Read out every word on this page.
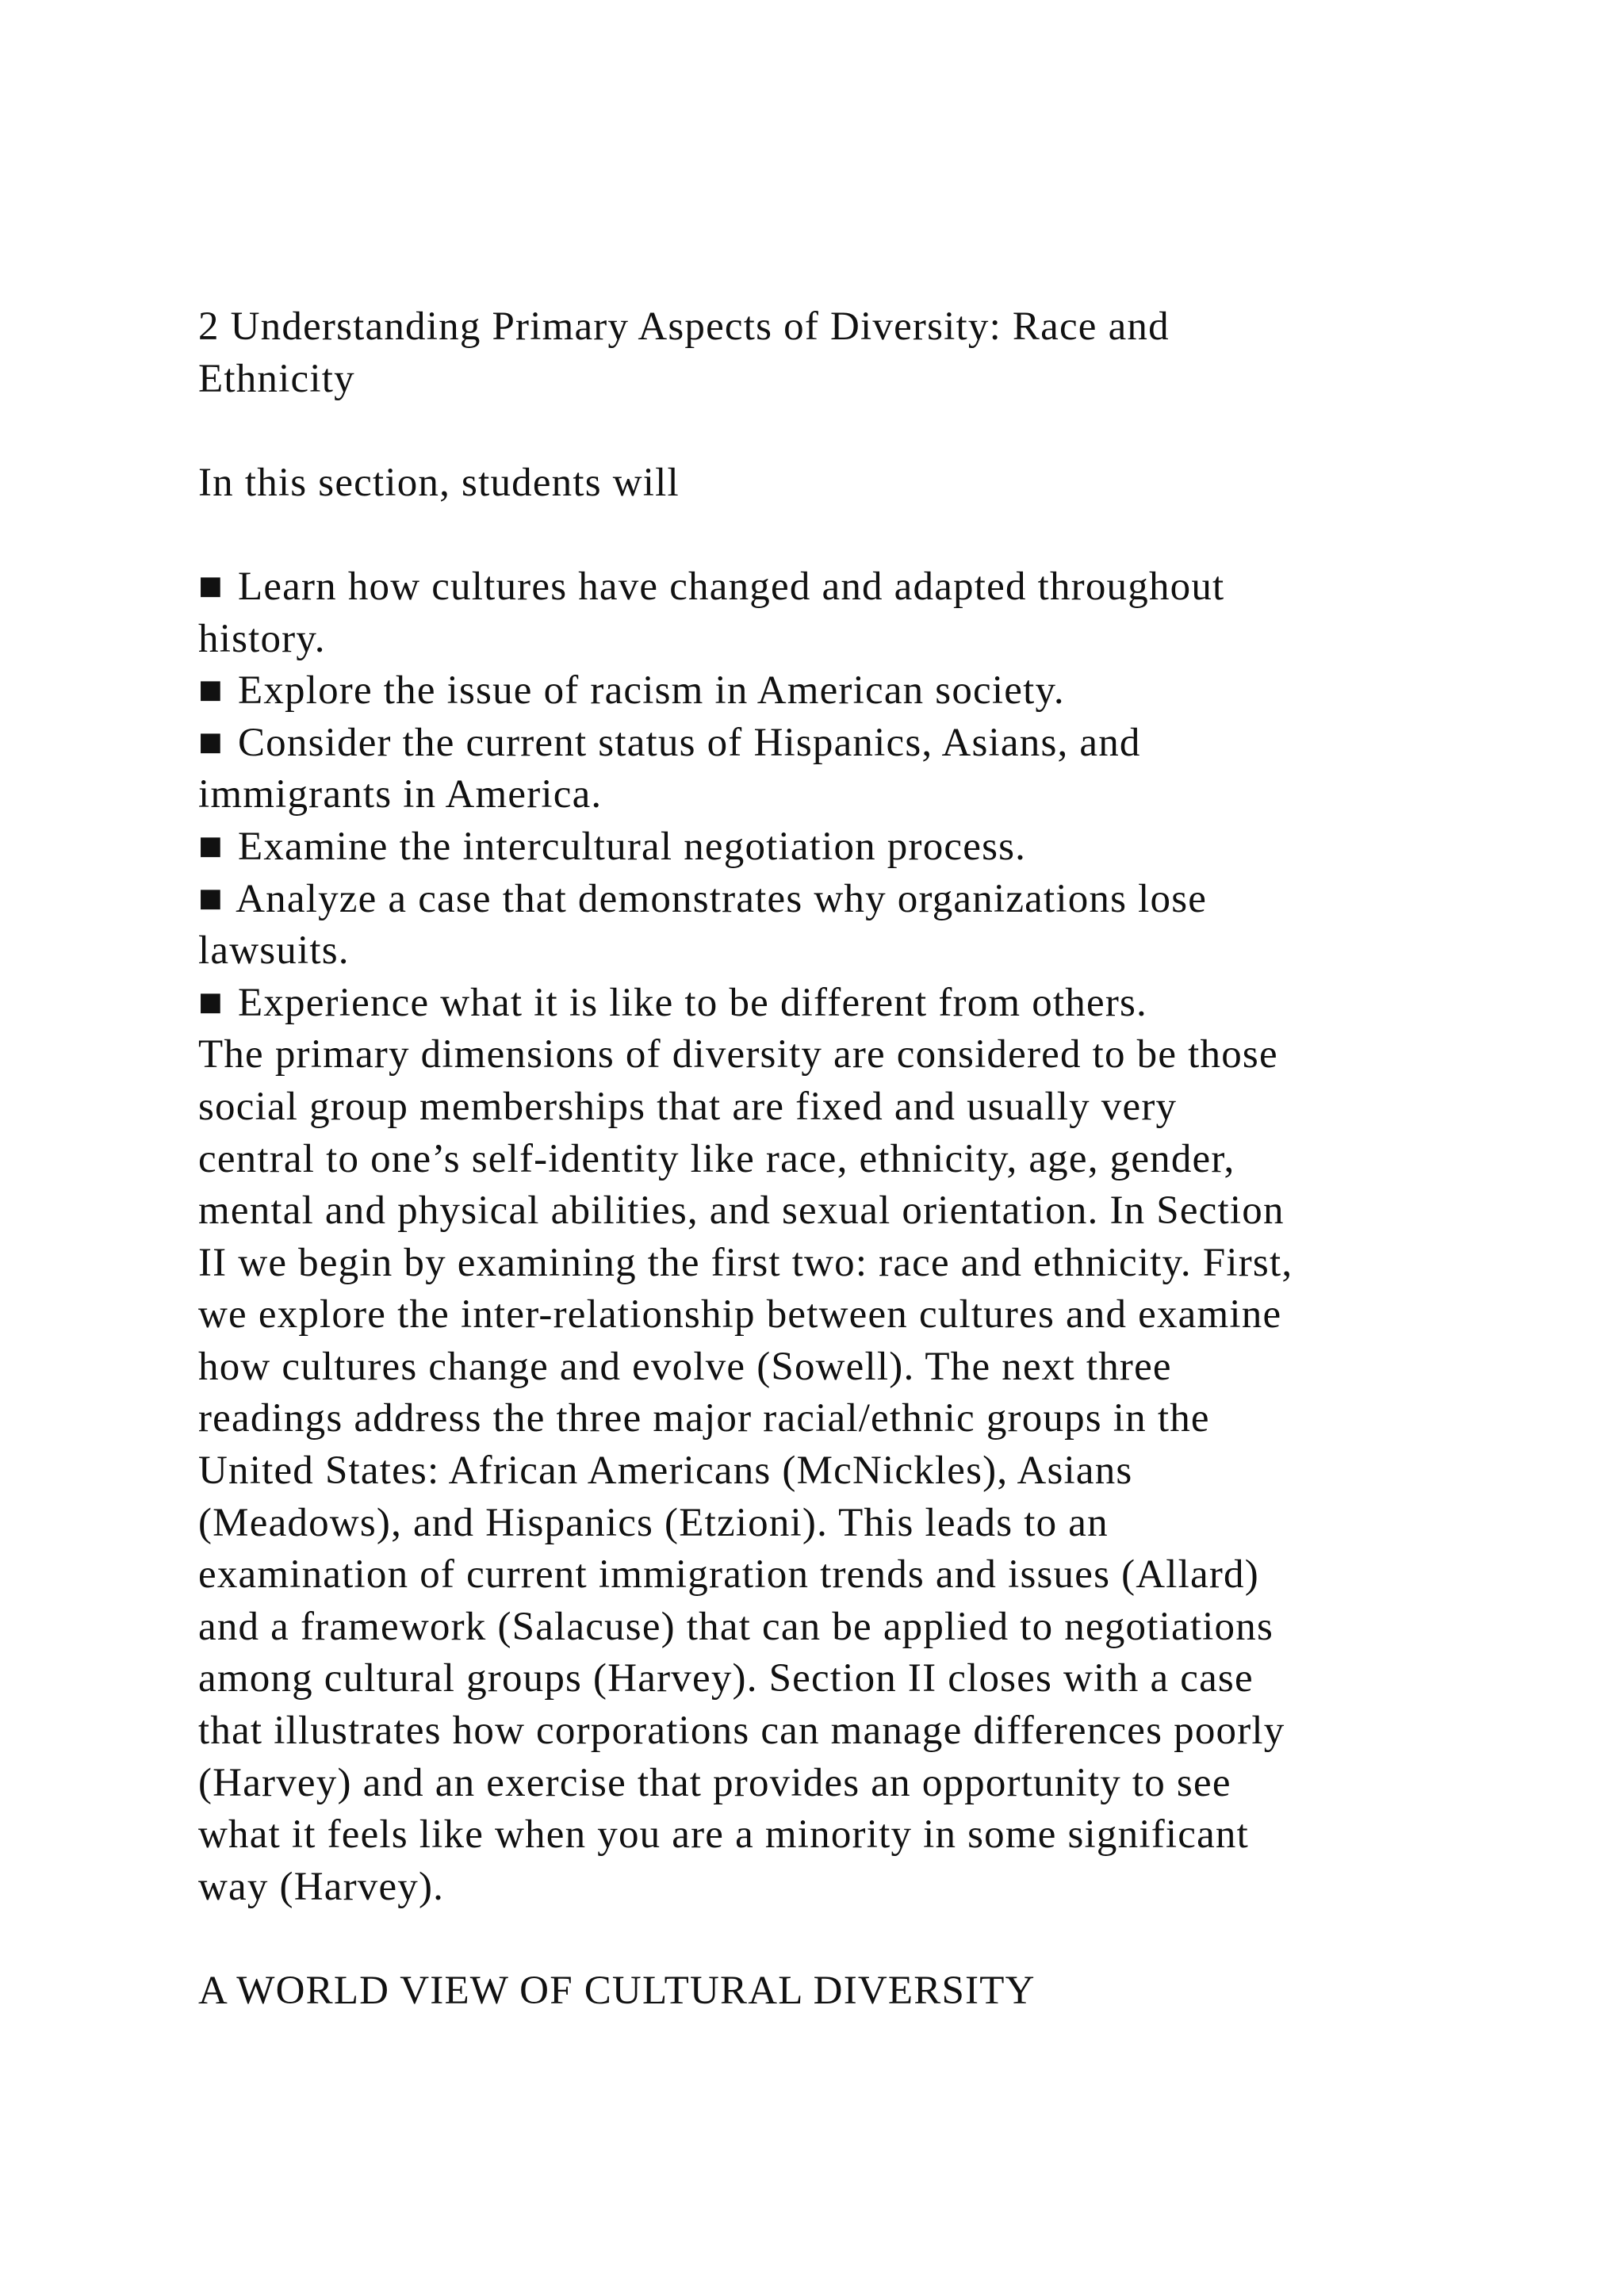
2 Understanding Primary Aspects of Diversity: Race and
Ethnicity
In this section, students will
■ Learn how cultures have changed and adapted throughout
history.
■ Explore the issue of racism in American society.
■ Consider the current status of Hispanics, Asians, and
immigrants in America.
■ Examine the intercultural negotiation process.
■ Analyze a case that demonstrates why organizations lose
lawsuits.
■ Experience what it is like to be different from others.
The primary dimensions of diversity are considered to be those
social group memberships that are fixed and usually very
central to one’s self-identity like race, ethnicity, age, gender,
mental and physical abilities, and sexual orientation. In Section
II we begin by examining the first two: race and ethnicity. First,
we explore the inter-relationship between cultures and examine
how cultures change and evolve (Sowell). The next three
readings address the three major racial/ethnic groups in the
United States: African Americans (McNickles), Asians
(Meadows), and Hispanics (Etzioni). This leads to an
examination of current immigration trends and issues (Allard)
and a framework (Salacuse) that can be applied to negotiations
among cultural groups (Harvey). Section II closes with a case
that illustrates how corporations can manage differences poorly
(Harvey) and an exercise that provides an opportunity to see
what it feels like when you are a minority in some significant
way (Harvey).
A WORLD VIEW OF CULTURAL DIVERSITY
